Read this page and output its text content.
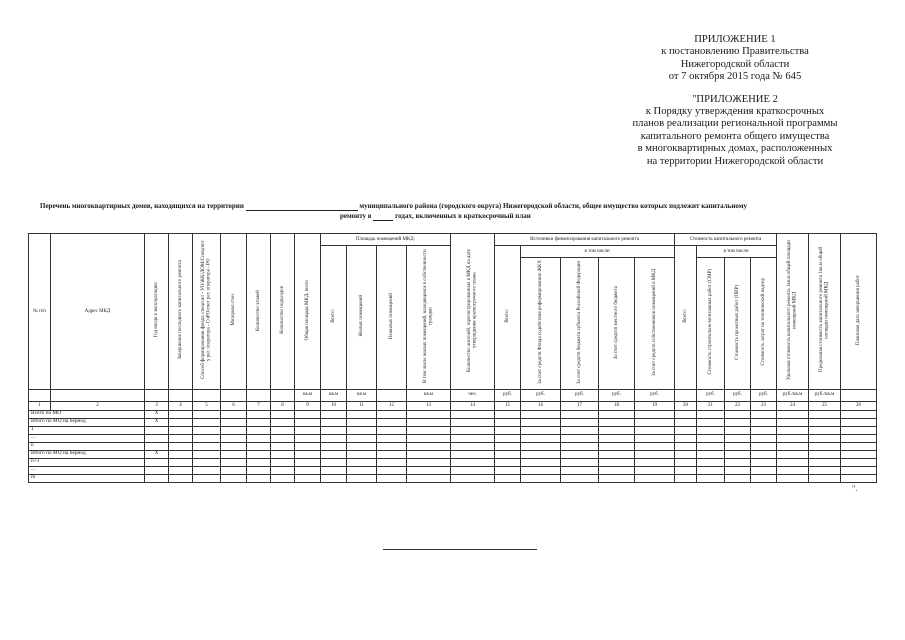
ПРИЛОЖЕНИЕ 1
к постановлению Правительства
Нижегородской области
от 7 октября 2015 года № 645
"ПРИЛОЖЕНИЕ 2
к Порядку утверждения краткосрочных
планов реализации региональной программы
капитального ремонта общего имущества
в многоквартирных домах, расположенных
на территории Нижегородской области
Перечень многоквартирных домов, находящихся на территории	муниципального района (городского округа) Нижегородской области, общее имущество которых подлежит капитальному
ремонту в	годах, включенных в краткосрочный план
№ п/п	Адрес МКД	Год ввода в эксплуатацию	Завершение последнего капитального ремонта	Способ формирования фонда: спецсчет - УО/ЖК/ДОМ/Спецсчет у рег. оператора - СчРО/счет рег. оператора - РО	Материал стен	Количество этажей	Количество подъездов	Общая площадь МКД, всего	Площадь помещений МКД:				Количество жителей, зарегистрированных в МКД на дату утверждения краткосрочного плана	Источники финансирования капитального ремонта					Стоимость капитального ремонта				Удельная стоимость капитального ремонта 1кв.м общей площади помещений МКД	Предельная стоимость капитального ремонта 1кв.м общей площади помещений МКД	Плановая дата завершения работ
									Всего:	Жилых помещений	Нежилых помещений	В том числе жилых помещений, находящихся в собственности граждан		Всего:	в том числе:				Всего:	в том числе:					
															За счет средств Фонда содействия реформированию ЖКХ	За счет средств бюджета субъекта Российской Федерации	За счет средств местного бюджета	За счет средств собственников помещений в МКД		Стоимость строительно-монтажных работ (СМР)	Стоимость проектных работ (ПИР)	Стоимость затрат на технический надзор			
								кв.м	кв.м	кв.м		кв.м	чел.	руб.	руб.	руб.	руб.	руб.		руб.	руб.	руб.	руб./кв.м	руб./кв.м	
1	2	3	4	5	6	7	8	9	10	11	12	13	14	15	16	17	18	19	20	21	22	23	24	25	26
Всего по МО		X																							
Итого по МО на период		X																							
1																									
…																									
n																									
Итого по МО на период		X																							
n+1																									
…																									
m																									
".
